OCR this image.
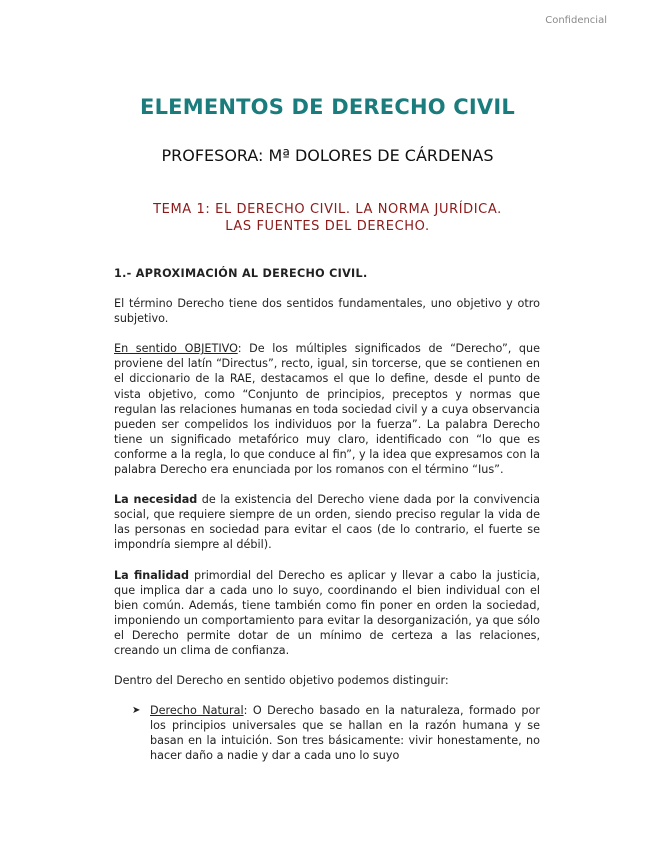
Confidencial
ELEMENTOS DE DERECHO CIVIL
PROFESORA: Mª DOLORES DE CÁRDENAS
TEMA 1: EL DERECHO CIVIL. LA NORMA JURÍDICA.
LAS FUENTES DEL DERECHO.
1.- APROXIMACIÓN AL DERECHO CIVIL.
El término Derecho tiene dos sentidos fundamentales, uno objetivo y otro subjetivo.
En sentido OBJETIVO: De los múltiples significados de “Derecho”, que proviene del latín “Directus”, recto, igual, sin torcerse, que se contienen en el diccionario de la RAE, destacamos el que lo define, desde el punto de vista objetivo, como “Conjunto de principios, preceptos y normas que regulan las relaciones humanas en toda sociedad civil y a cuya observancia pueden ser compelidos los individuos por la fuerza”. La palabra Derecho tiene un significado metafórico muy claro, identificado con “lo que es conforme a la regla, lo que conduce al fin”, y la idea que expresamos con la palabra Derecho era enunciada por los romanos con el término “Ius”.
La necesidad de la existencia del Derecho viene dada por la convivencia social, que requiere siempre de un orden, siendo preciso regular la vida de las personas en sociedad para evitar el caos (de lo contrario, el fuerte se impondría siempre al débil).
La finalidad primordial del Derecho es aplicar y llevar a cabo la justicia, que implica dar a cada uno lo suyo, coordinando el bien individual con el bien común. Además, tiene también como fin poner en orden la sociedad, imponiendo un comportamiento para evitar la desorganización, ya que sólo el Derecho permite dotar de un mínimo de certeza a las relaciones, creando un clima de confianza.
Dentro del Derecho en sentido objetivo podemos distinguir:
➤ Derecho Natural: O Derecho basado en la naturaleza, formado por los principios universales que se hallan en la razón humana y se basan en la intuición. Son tres básicamente: vivir honestamente, no hacer daño a nadie y dar a cada uno lo suyo
